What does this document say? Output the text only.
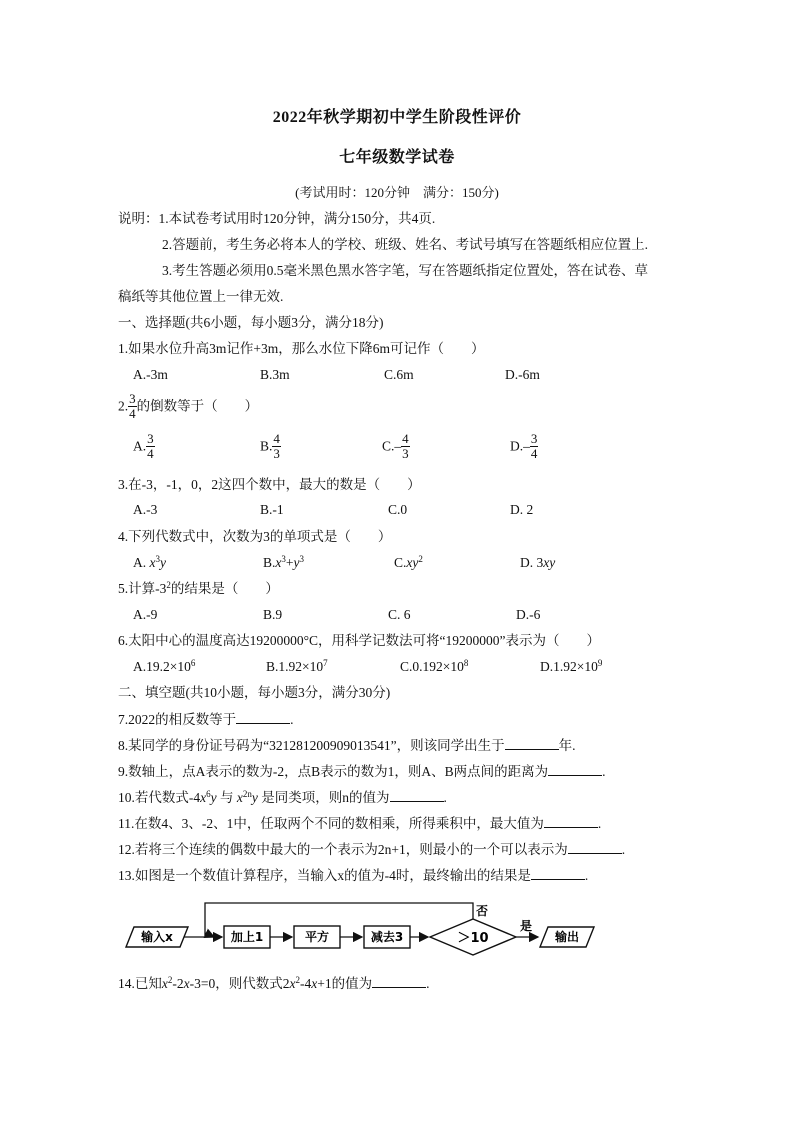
2022年秋学期初中学生阶段性评价
七年级数学试卷
(考试用时：120分钟　满分：150分)
说明：1.本试卷考试用时120分钟，满分150分，共4页.
2.答题前，考生务必将本人的学校、班级、姓名、考试号填写在答题纸相应位置上.
3.考生答题必须用0.5毫米黑色黑水答字笔，写在答题纸指定位置处，答在试卷、草
稿纸等其他位置上一律无效.
一、选择题(共6小题，每小题3分，满分18分)
1.如果水位升高3m记作+3m，那么水位下降6m可记作（　　）
A.-3m	B.3m	C.6m	D.-6m
2. $\frac{3}{4}$ 的倒数等于（　　）
A. $\frac{3}{4}$	B. $\frac{4}{3}$	$C.- \frac{4}{3}$	$D.- \frac{3}{4}$
3.在-3，-1，0，2这四个数中，最大的数是（　　）
A.-3	B.-1	C.0	D. 2
4.下列代数式中，次数为3的单项式是（　　）
A. $x^3y$	$B.x^3+y^3$	$C.xy^2$	D. 3xy
5.计算$-3^2$的结果是（　　）
A.-9	B.9	C. 6	D.-6
6.太阳中心的温度高达19200000°C，用科学记数法可将“19200000”表示为（　　）
$A.19.2\times 10^6$	$B.1.92\times 10^7$	$C.0.192\times 10^8$	$D.1.92\times 10^9$
二、填空题(共10小题，每小题3分，满分30分)
7.2022的相反数等于	.
8.某同学的身份证号码为“321281200909013541”，则该同学出生于	年.
9.数轴上，点A表示的数为-2，点B表示的数为1，则A、B两点间的距离为	.
10.若代数式$-4x^6y$ 与 $x^{2n}y$ 是同类项，则n的值为	.
11.在数4、3、-2、1中，任取两个不同的数相乘，所得乘积中，最大值为	.
12.若将三个连续的偶数中最大的一个表示为2n+1，则最小的一个可以表示为	.
13.如图是一个数值计算程序，当输入x的值为-4时，最终输出的结果是	.
输入x	加上1	平方	减去3	＞10
否
是
输出
14.已知$x^2-2x-3=0$，则代数式$2x^2-4x+1$的值为	.
